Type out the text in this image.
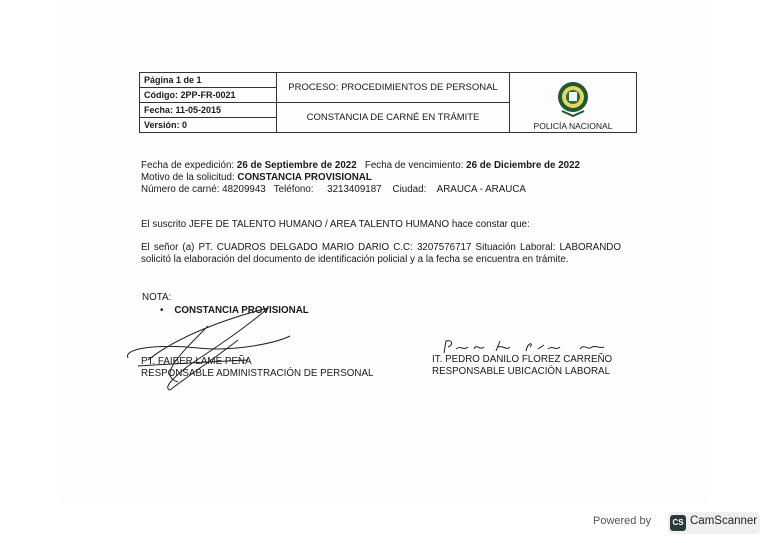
Página 1 de 1	PROCESO: PROCEDIMIENTOS DE PERSONAL	POLICÍA NACIONAL
Código: 2PP-FR-0021		
Fecha: 11-05-2015	CONSTANCIA DE CARNÉ EN TRÁMITE	
Versión: 0		
Fecha de expedición: 26 de Septiembre de 2022 Fecha de vencimiento: 26 de Diciembre de 2022
Motivo de la solicitud: CONSTANCIA PROVISIONAL
Número de carné: 48209943 Teléfono: 3213409187 Ciudad: ARAUCA - ARAUCA
El suscrito JEFE DE TALENTO HUMANO / AREA TALENTO HUMANO hace constar que:
El señor (a) PT. CUADROS DELGADO MARIO DARIO C.C: 3207576717 Situación Laboral: LABORANDO solicitó la elaboración del documento de identificación policial y a la fecha se encuentra en trámite.
NOTA:
• CONSTANCIA PROVISIONAL
PT. FAIBER LAME PEÑA
RESPONSABLE ADMINISTRACIÓN DE PERSONAL
IT. PEDRO DANILO FLOREZ CARREÑO
RESPONSABLE UBICACIÓN LABORAL
Powered by	CS CamScanner
